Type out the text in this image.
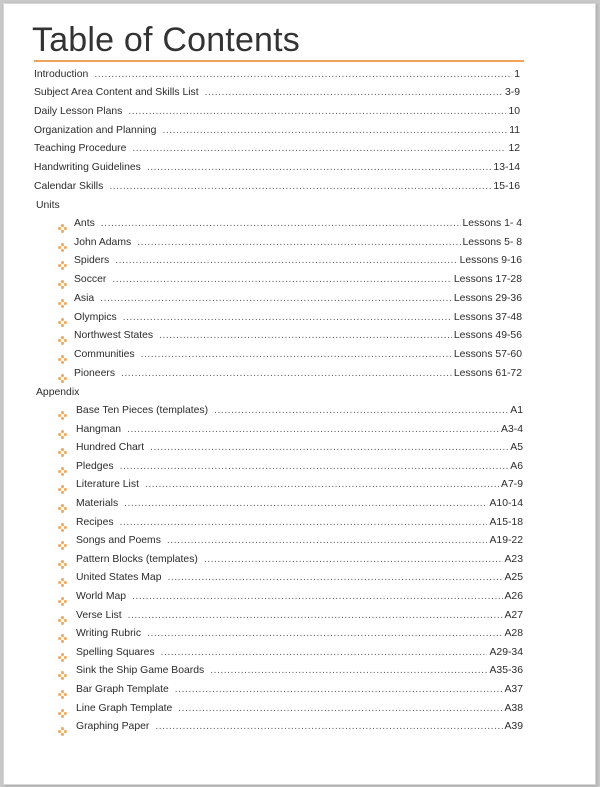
Table of Contents
Units
Appendix
Introduction .....	1
Subject Area Content and Skills List .....	3-9
Daily Lesson Plans .....	10
Organization and Planning .....	11
Teaching Procedure .....	12
Handwriting Guidelines .....	13-14
Calendar Skills .....	15-16
Ants .....	Lessons 1- 4
John Adams .....	Lessons 5- 8
Spiders .....	Lessons 9-16
Soccer .....	Lessons 17-28
Asia .....	Lessons 29-36
Olympics .....	Lessons 37-48
Northwest States .....	Lessons 49-56
Communities .....	Lessons 57-60
Pioneers .....	Lessons 61-72
Base Ten Pieces (templates) .....	A1
Hangman .....	A3-4
Hundred Chart .....	A5
Pledges .....	A6
Literature List .....	A7-9
Materials .....	A10-14
Recipes .....	A15-18
Songs and Poems .....	A19-22
Pattern Blocks (templates) .....	A23
United States Map .....	A25
World Map .....	A26
Verse List .....	A27
Writing Rubric .....	A28
Spelling Squares .....	A29-34
Sink the Ship Game Boards .....	A35-36
Bar Graph Template .....	A37
Line Graph Template .....	A38
Graphing Paper .....	A39
